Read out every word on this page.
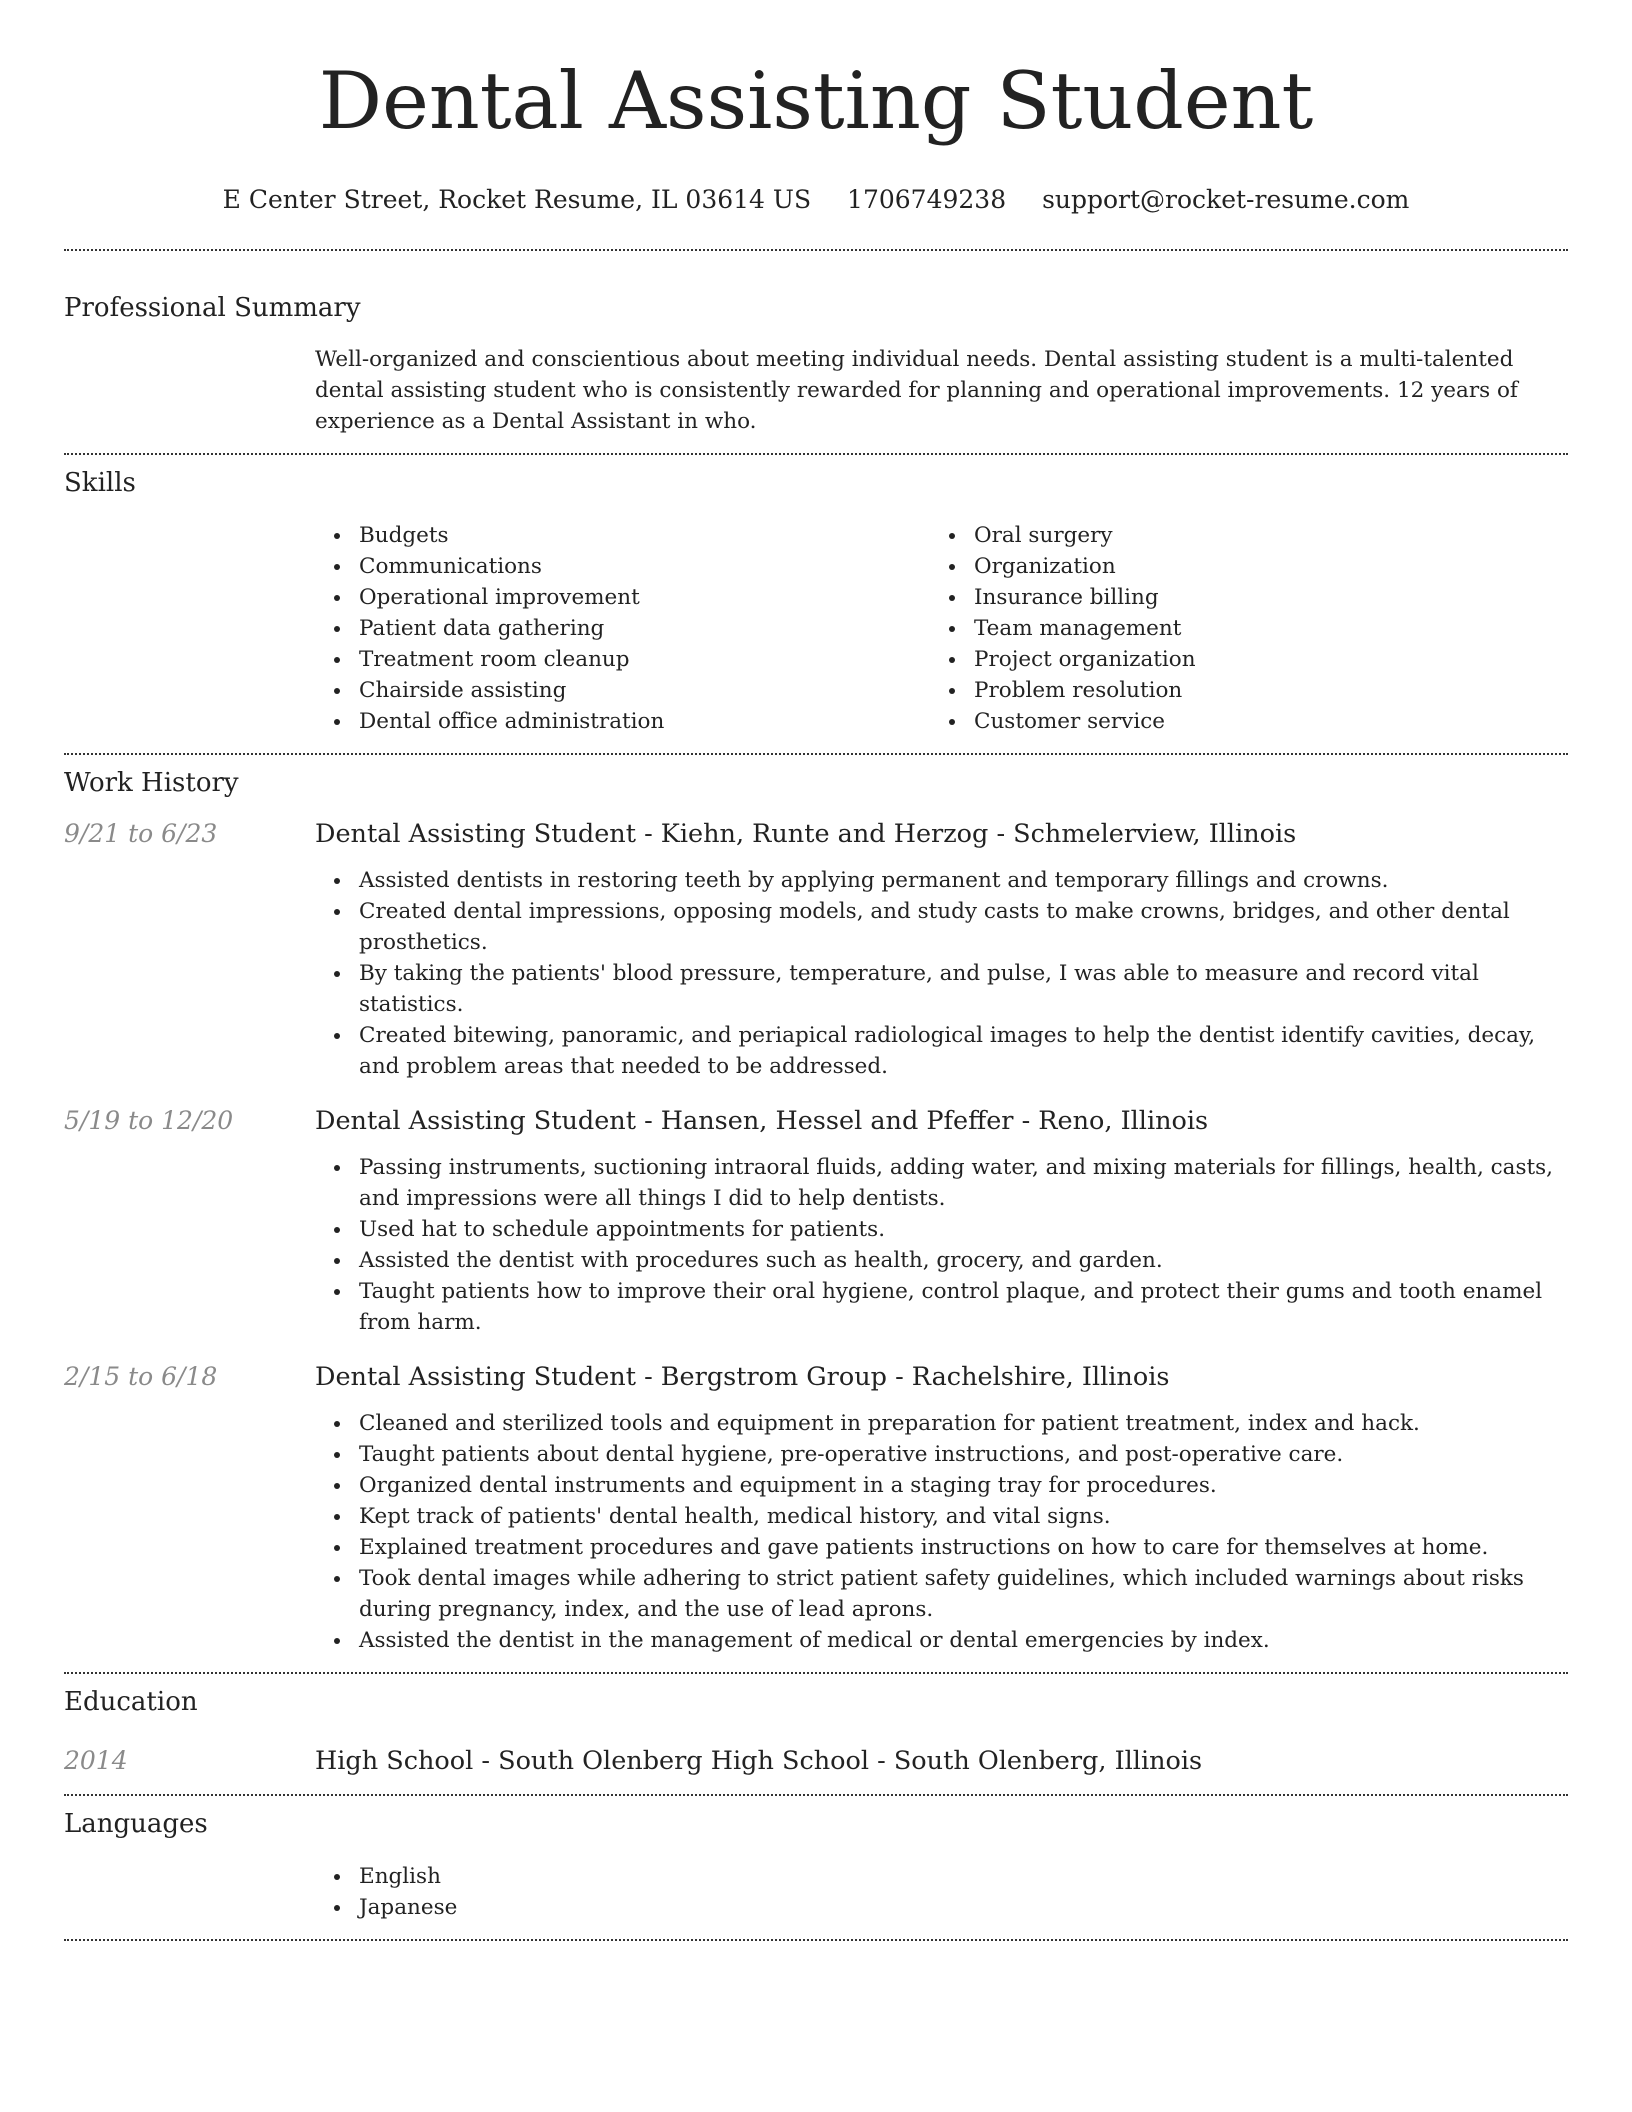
Dental Assisting Student
E Center Street, Rocket Resume, IL 03614 US 1706749238 support@rocket-resume.com
Professional Summary

Well-organized and conscientious about meeting individual needs. Dental assisting student is a multi-talented dental assisting student who is consistently rewarded for planning and operational improvements. 12 years of experience as a Dental Assistant in who.

Skills
Budgets
Communications
Operational improvement
Patient data gathering
Treatment room cleanup
Chairside assisting
Dental office administration
Oral surgery
Organization
Insurance billing
Team management
Project organization
Problem resolution
Customer service
Work History
9/21 to 6/23	Dental Assisting Student - Kiehn, Runte and Herzog - Schmelerview, Illinois
Assisted dentists in restoring teeth by applying permanent and temporary fillings and crowns.
Created dental impressions, opposing models, and study casts to make crowns, bridges, and other dental prosthetics.
By taking the patients' blood pressure, temperature, and pulse, I was able to measure and record vital statistics.
Created bitewing, panoramic, and periapical radiological images to help the dentist identify cavities, decay, and problem areas that needed to be addressed.
5/19 to 12/20	Dental Assisting Student - Hansen, Hessel and Pfeffer - Reno, Illinois
Passing instruments, suctioning intraoral fluids, adding water, and mixing materials for fillings, health, casts, and impressions were all things I did to help dentists.
Used hat to schedule appointments for patients.
Assisted the dentist with procedures such as health, grocery, and garden.
Taught patients how to improve their oral hygiene, control plaque, and protect their gums and tooth enamel from harm.
2/15 to 6/18	Dental Assisting Student - Bergstrom Group - Rachelshire, Illinois
Cleaned and sterilized tools and equipment in preparation for patient treatment, index and hack.
Taught patients about dental hygiene, pre-operative instructions, and post-operative care.
Organized dental instruments and equipment in a staging tray for procedures.
Kept track of patients' dental health, medical history, and vital signs.
Explained treatment procedures and gave patients instructions on how to care for themselves at home.
Took dental images while adhering to strict patient safety guidelines, which included warnings about risks during pregnancy, index, and the use of lead aprons.
Assisted the dentist in the management of medical or dental emergencies by index.
Education
2014	High School - South Olenberg High School - South Olenberg, Illinois
Languages
English
Japanese
